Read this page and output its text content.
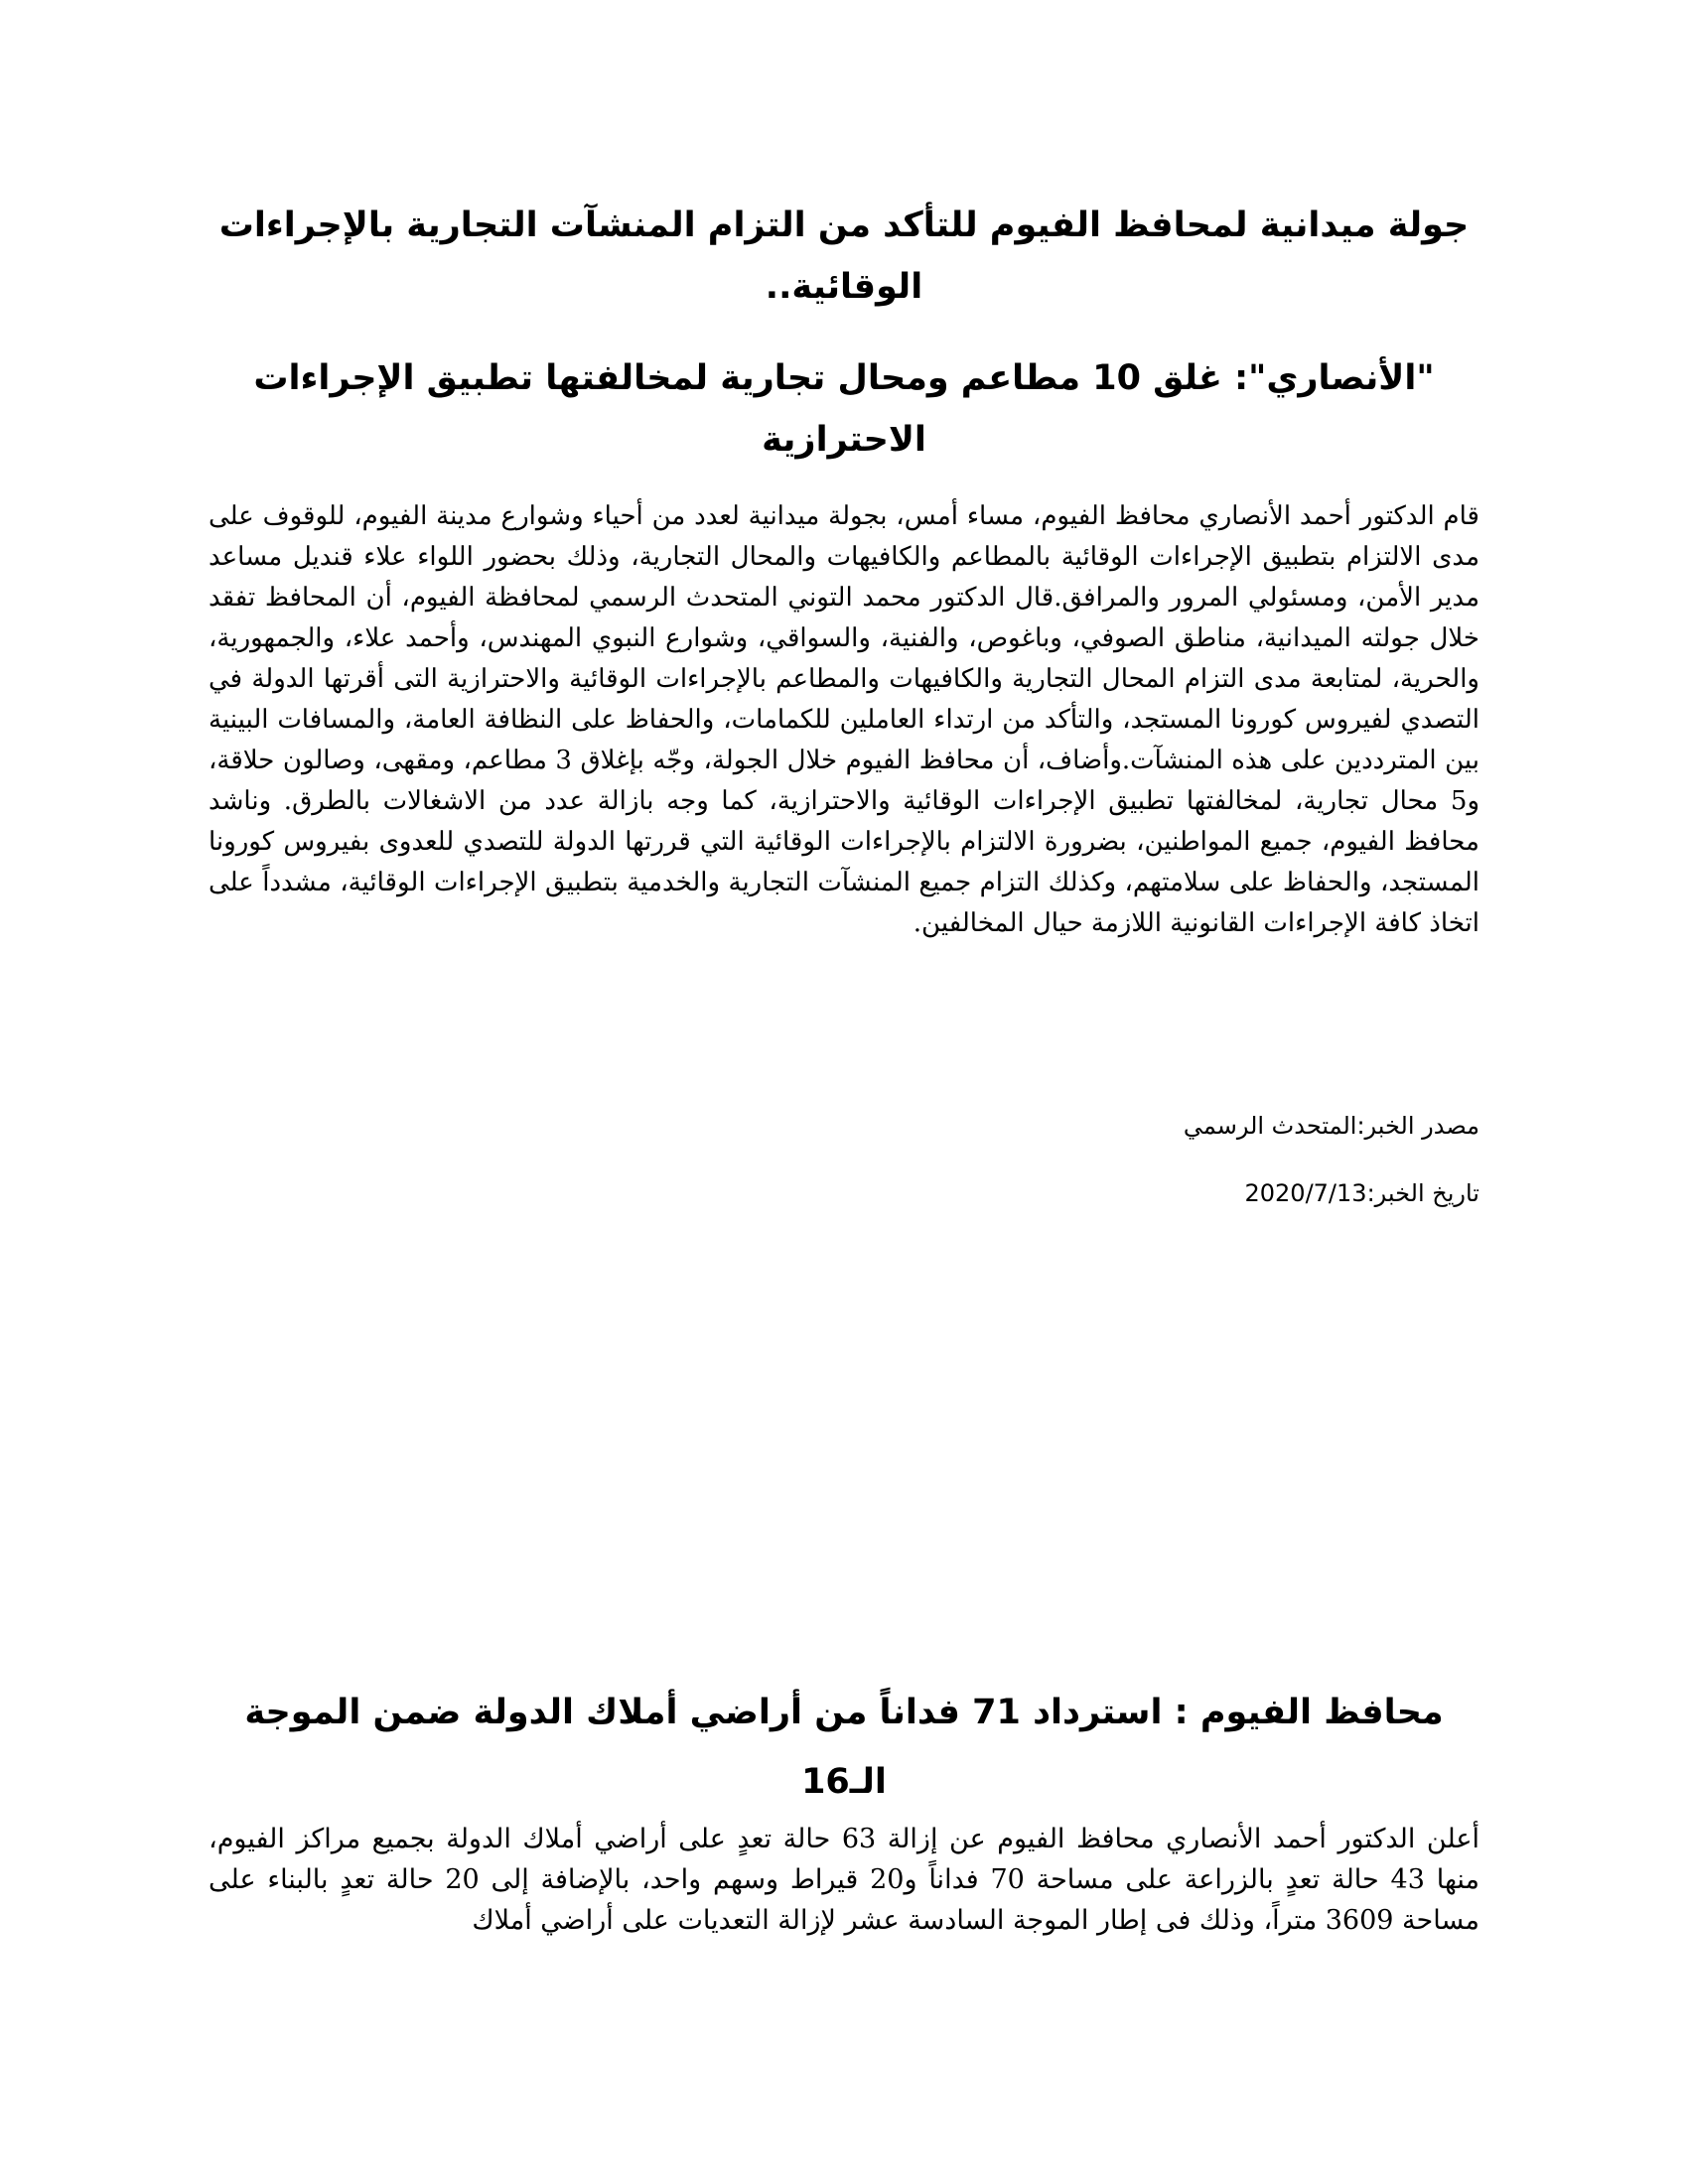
جولة ميدانية لمحافظ الفيوم للتأكد من التزام المنشآت التجارية بالإجراءات الوقائية..
"الأنصاري": غلق 10 مطاعم ومحال تجارية لمخالفتها تطبيق الإجراءات الاحترازية

قام الدكتور أحمد الأنصاري محافظ الفيوم، مساء أمس، بجولة ميدانية لعدد من أحياء وشوارع مدينة الفيوم، للوقوف على مدى الالتزام بتطبيق الإجراءات الوقائية بالمطاعم والكافيهات والمحال التجارية، وذلك بحضور اللواء علاء قنديل مساعد مدير الأمن، ومسئولي المرور والمرافق.قال الدكتور محمد التوني المتحدث الرسمي لمحافظة الفيوم، أن المحافظ تفقد خلال جولته الميدانية، مناطق الصوفي، وباغوص، والفنية، والسواقي، وشوارع النبوي المهندس، وأحمد علاء، والجمهورية، والحرية، لمتابعة مدى التزام المحال التجارية والكافيهات والمطاعم بالإجراءات الوقائية والاحترازية التى أقرتها الدولة في التصدي لفيروس كورونا المستجد، والتأكد من ارتداء العاملين للكمامات، والحفاظ على النظافة العامة، والمسافات البينية بين المترددين على هذه المنشآت.وأضاف، أن محافظ الفيوم خلال الجولة، وجّه بإغلاق 3 مطاعم، ومقهى، وصالون حلاقة، و5 محال تجارية، لمخالفتها تطبيق الإجراءات الوقائية والاحترازية، كما وجه بازالة عدد من الاشغالات بالطرق. وناشد محافظ الفيوم، جميع المواطنين، بضرورة الالتزام بالإجراءات الوقائية التي قررتها الدولة للتصدي للعدوى بفيروس كورونا المستجد، والحفاظ على سلامتهم، وكذلك التزام جميع المنشآت التجارية والخدمية بتطبيق الإجراءات الوقائية، مشدداً على اتخاذ كافة الإجراءات القانونية اللازمة حيال المخالفين.

مصدر الخبر:المتحدث الرسمي

تاريخ الخبر:2020/7/13

محافظ الفيوم : استرداد 71 فداناً من أراضي أملاك الدولة ضمن الموجة الـ16

أعلن الدكتور أحمد الأنصاري محافظ الفيوم عن إزالة 63 حالة تعدٍ على أراضي أملاك الدولة بجميع مراكز الفيوم، منها 43 حالة تعدٍ بالزراعة على مساحة 70 فداناً و20 قيراط وسهم واحد، بالإضافة إلى 20 حالة تعدٍ بالبناء على مساحة 3609 متراً، وذلك فى إطار الموجة السادسة عشر لإزالة التعديات على أراضي أملاك
